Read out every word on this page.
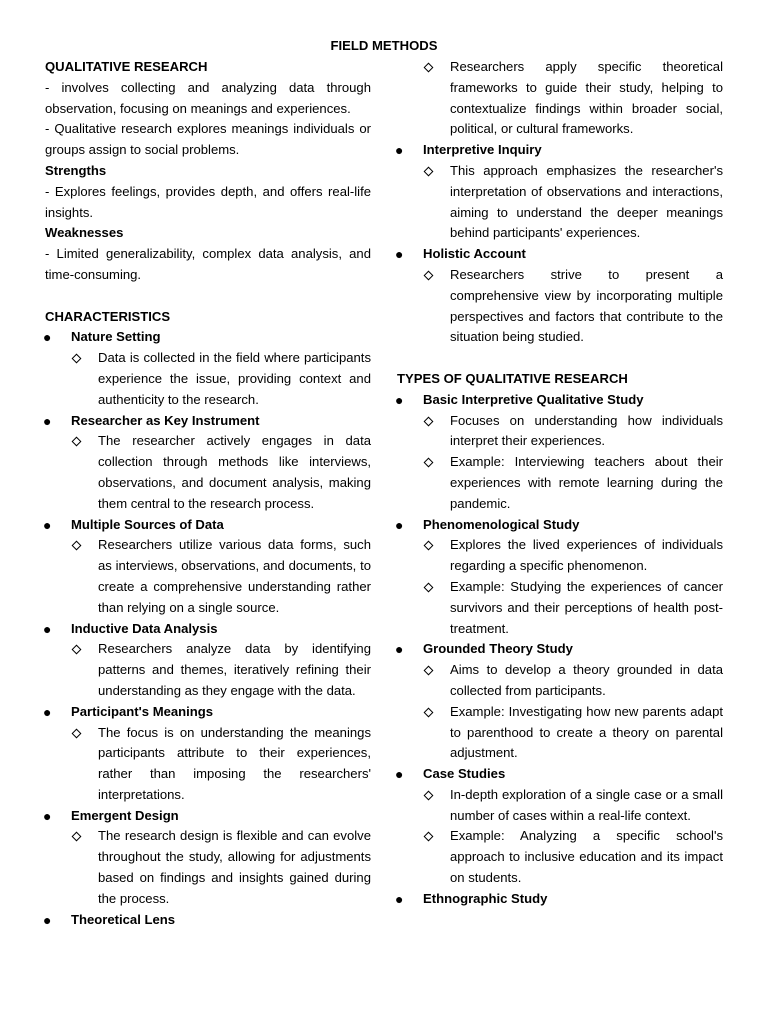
FIELD METHODS
QUALITATIVE RESEARCH
- involves collecting and analyzing data through observation, focusing on meanings and experiences.
- Qualitative research explores meanings individuals or groups assign to social problems.
Strengths
- Explores feelings, provides depth, and offers real-life insights.
Weaknesses
- Limited generalizability, complex data analysis, and time-consuming.
CHARACTERISTICS
● Nature Setting
Data is collected in the field where participants experience the issue, providing context and authenticity to the research.
● Researcher as Key Instrument
The researcher actively engages in data collection through methods like interviews, observations, and document analysis, making them central to the research process.
● Multiple Sources of Data
Researchers utilize various data forms, such as interviews, observations, and documents, to create a comprehensive understanding rather than relying on a single source.
● Inductive Data Analysis
Researchers analyze data by identifying patterns and themes, iteratively refining their understanding as they engage with the data.
● Participant's Meanings
The focus is on understanding the meanings participants attribute to their experiences, rather than imposing the researchers' interpretations.
● Emergent Design
The research design is flexible and can evolve throughout the study, allowing for adjustments based on findings and insights gained during the process.
● Theoretical Lens
Researchers apply specific theoretical frameworks to guide their study, helping to contextualize findings within broader social, political, or cultural frameworks.
● Interpretive Inquiry
This approach emphasizes the researcher's interpretation of observations and interactions, aiming to understand the deeper meanings behind participants' experiences.
● Holistic Account
Researchers strive to present a comprehensive view by incorporating multiple perspectives and factors that contribute to the situation being studied.
TYPES OF QUALITATIVE RESEARCH
● Basic Interpretive Qualitative Study
Focuses on understanding how individuals interpret their experiences.
Example: Interviewing teachers about their experiences with remote learning during the pandemic.
● Phenomenological Study
Explores the lived experiences of individuals regarding a specific phenomenon.
Example: Studying the experiences of cancer survivors and their perceptions of health post-treatment.
● Grounded Theory Study
Aims to develop a theory grounded in data collected from participants.
Example: Investigating how new parents adapt to parenthood to create a theory on parental adjustment.
● Case Studies
In-depth exploration of a single case or a small number of cases within a real-life context.
Example: Analyzing a specific school's approach to inclusive education and its impact on students.
● Ethnographic Study
